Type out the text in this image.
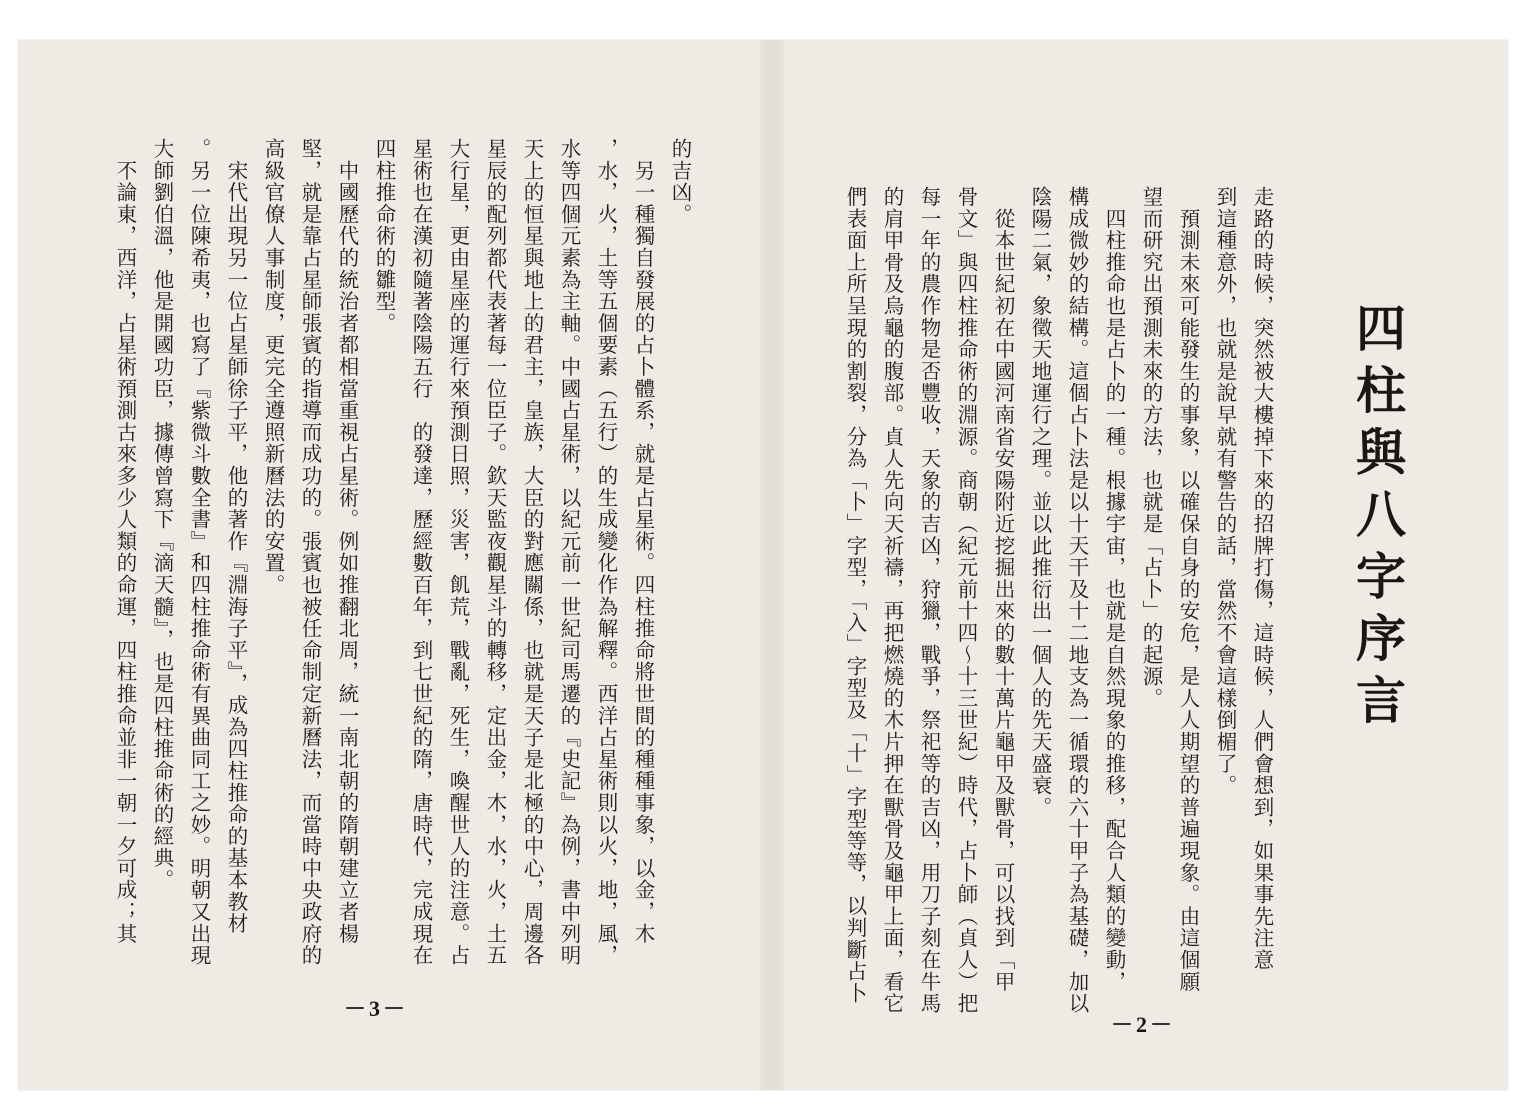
的吉凶。
　另一種獨自發展的占卜體系，就是占星術。四柱推命將世間的種種事象，以金，木
，水，火，土等五個要素（五行）的生成變化作為解釋。西洋占星術則以火，地，風，
水等四個元素為主軸。中國占星術，以紀元前一世紀司馬遷的『史記』為例，書中列明
天上的恒星與地上的君主，皇族，大臣的對應關係，也就是天子是北極的中心，周邊各
星辰的配列都代表著每一位臣子。欽天監夜觀星斗的轉移，定出金，木，水，火，土五
大行星，更由星座的運行來預測日照，災害，飢荒，戰亂，死生，喚醒世人的注意。占
星術也在漢初隨著陰陽五行　的發達，歷經數百年，到七世紀的隋，唐時代，完成現在
四柱推命術的雛型。
　中國歷代的統治者都相當重視占星術。例如推翻北周，統一南北朝的隋朝建立者楊
堅，就是靠占星師張賓的指導而成功的。張賓也被任命制定新曆法，而當時中央政府的
高級官僚人事制度，更完全遵照新曆法的安置。
　宋代出現另一位占星師徐子平，他的著作『淵海子平』，成為四柱推命的基本教材
。另一位陳希夷，也寫了『紫微斗數全書』和四柱推命術有異曲同工之妙。明朝又出現
大師劉伯溫，他是開國功臣，據傳曾寫下『滴天髓』，也是四柱推命術的經典。
　不論東，西洋，占星術預測古來多少人類的命運，四柱推命並非一朝一夕可成；其
－3－
四柱與八字序言
走路的時候，突然被大樓掉下來的招牌打傷，這時候，人們會想到，如果事先注意
到這種意外，也就是說早就有警告的話，當然不會這樣倒楣了。
　預測未來可能發生的事象，以確保自身的安危，是人人期望的普遍現象。由這個願
望而研究出預測未來的方法，也就是「占卜」的起源。
　四柱推命也是占卜的一種。根據宇宙，也就是自然現象的推移，配合人類的變動，
構成微妙的結構。這個占卜法是以十天干及十二地支為一循環的六十甲子為基礎，加以
陰陽二氣，象徵天地運行之理。並以此推衍出一個人的先天盛衰。
　從本世紀初在中國河南省安陽附近挖掘出來的數十萬片龜甲及獸骨，可以找到「甲
骨文」與四柱推命術的淵源。商朝（紀元前十四～十三世紀）時代，占卜師（貞人）把
每一年的農作物是否豐收，天象的吉凶，狩獵，戰爭，祭祀等的吉凶，用刀子刻在牛馬
的肩甲骨及烏龜的腹部。貞人先向天祈禱，再把燃燒的木片押在獸骨及龜甲上面，看它
們表面上所呈現的割裂，分為「卜」字型，「入」字型及「十」字型等等，以判斷占卜
－2－
